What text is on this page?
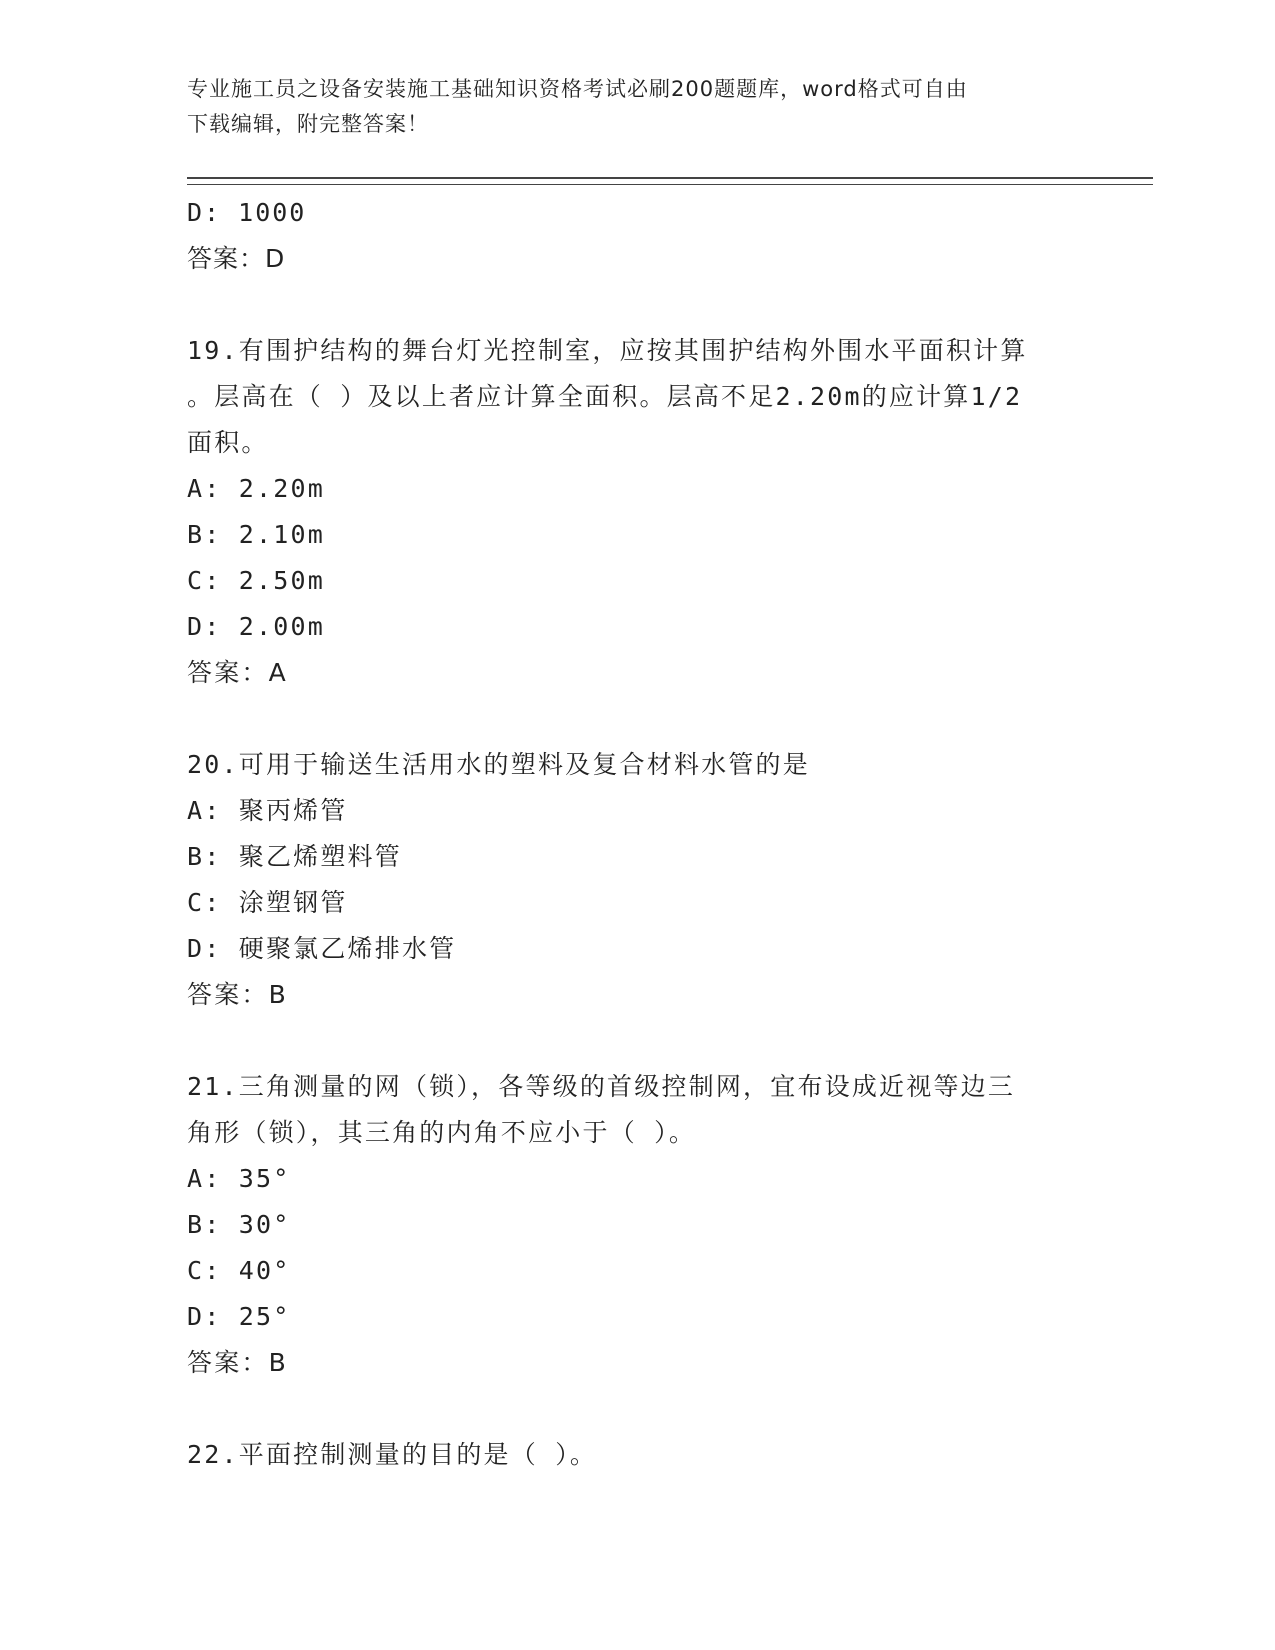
专业施工员之设备安装施工基础知识资格考试必刷200题题库，word格式可自由
下载编辑，附完整答案！
D: 1000
答案：D
19.有围护结构的舞台灯光控制室，应按其围护结构外围水平面积计算
。层高在（ ）及以上者应计算全面积。层高不足2.20m的应计算1/2
面积。
A: 2.20m
B: 2.10m
C: 2.50m
D: 2.00m
答案：A
20.可用于输送生活用水的塑料及复合材料水管的是
A: 聚丙烯管
B: 聚乙烯塑料管
C: 涂塑钢管
D: 硬聚氯乙烯排水管
答案：B
21.三角测量的网（锁），各等级的首级控制网，宜布设成近视等边三
角形（锁），其三角的内角不应小于（ ）。
A: 35°
B: 30°
C: 40°
D: 25°
答案：B
22.平面控制测量的目的是（ ）。
